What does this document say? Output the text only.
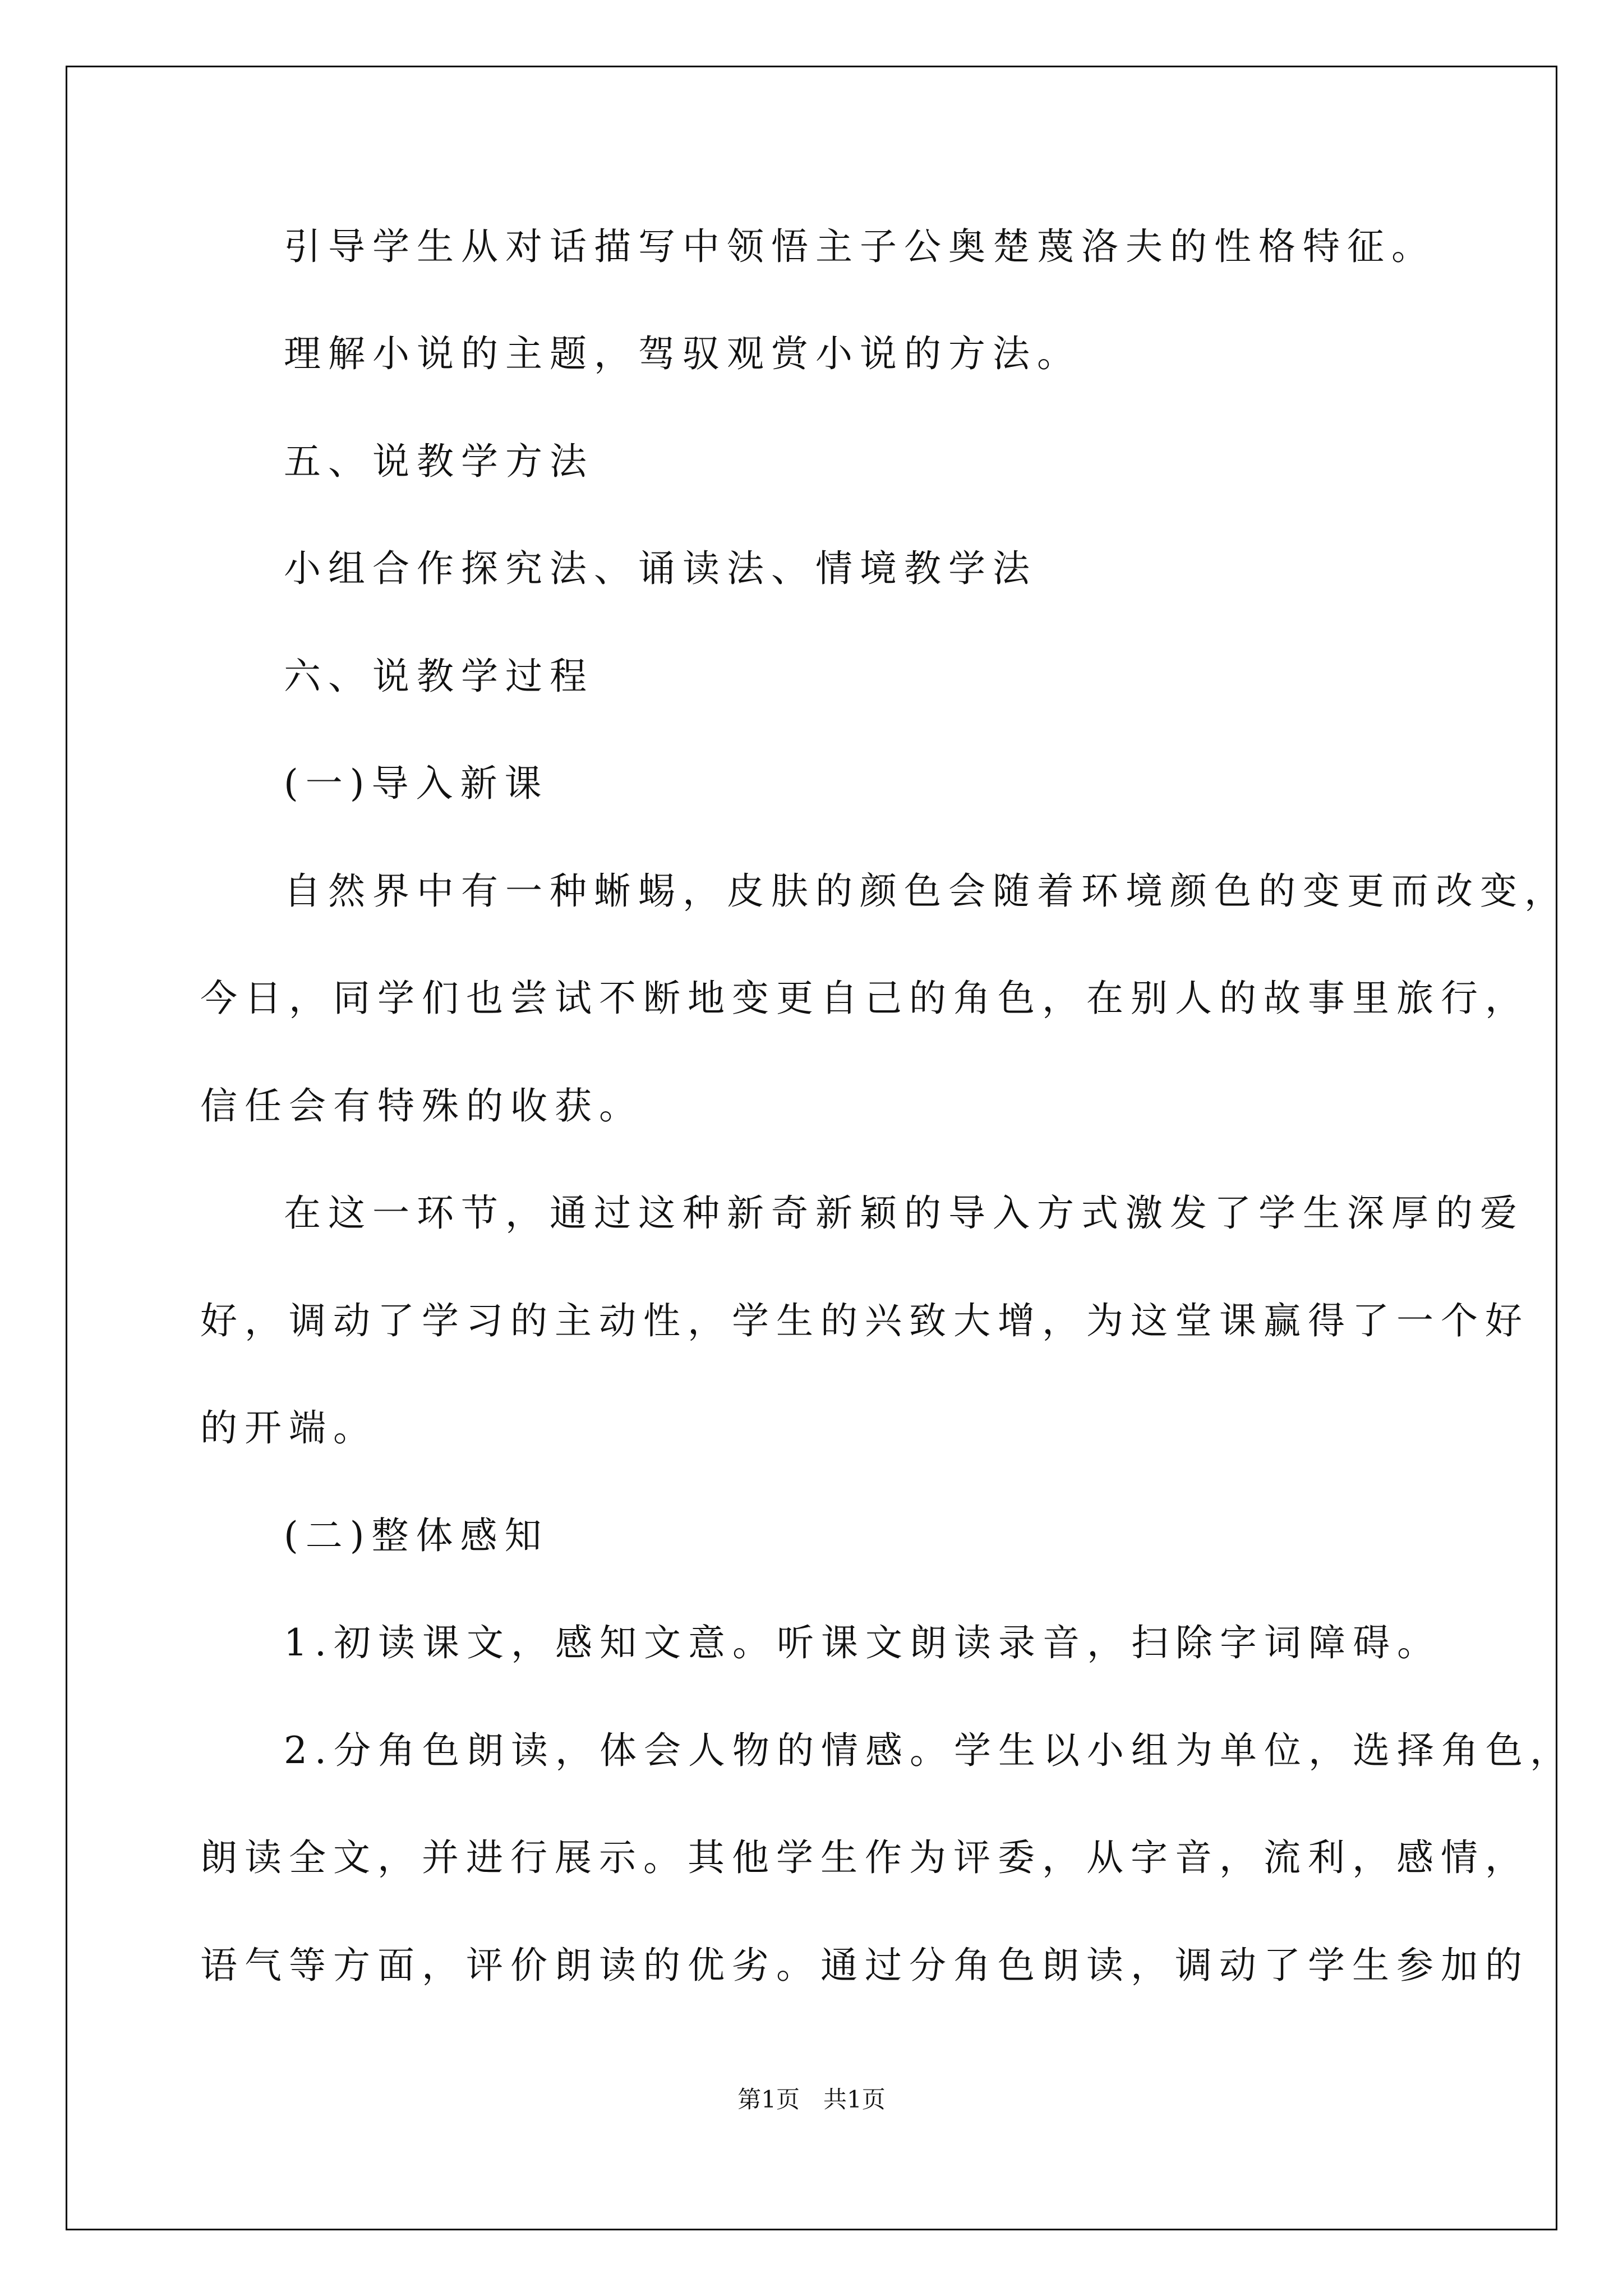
引导学生从对话描写中领悟主子公奥楚蔑洛夫的性格特征。
理解小说的主题，驾驭观赏小说的方法。
五、说教学方法
小组合作探究法、诵读法、情境教学法
六、说教学过程
(一)导入新课
自然界中有一种蜥蜴，皮肤的颜色会随着环境颜色的变更而改变，
今日，同学们也尝试不断地变更自己的角色，在别人的故事里旅行，
信任会有特殊的收获。
在这一环节，通过这种新奇新颖的导入方式激发了学生深厚的爱
好，调动了学习的主动性，学生的兴致大增，为这堂课赢得了一个好
的开端。
(二)整体感知
1.初读课文，感知文意。听课文朗读录音，扫除字词障碍。
2.分角色朗读，体会人物的情感。学生以小组为单位，选择角色，
朗读全文，并进行展示。其他学生作为评委，从字音，流利，感情，
语气等方面，评价朗读的优劣。通过分角色朗读，调动了学生参加的
第1页　共1页
